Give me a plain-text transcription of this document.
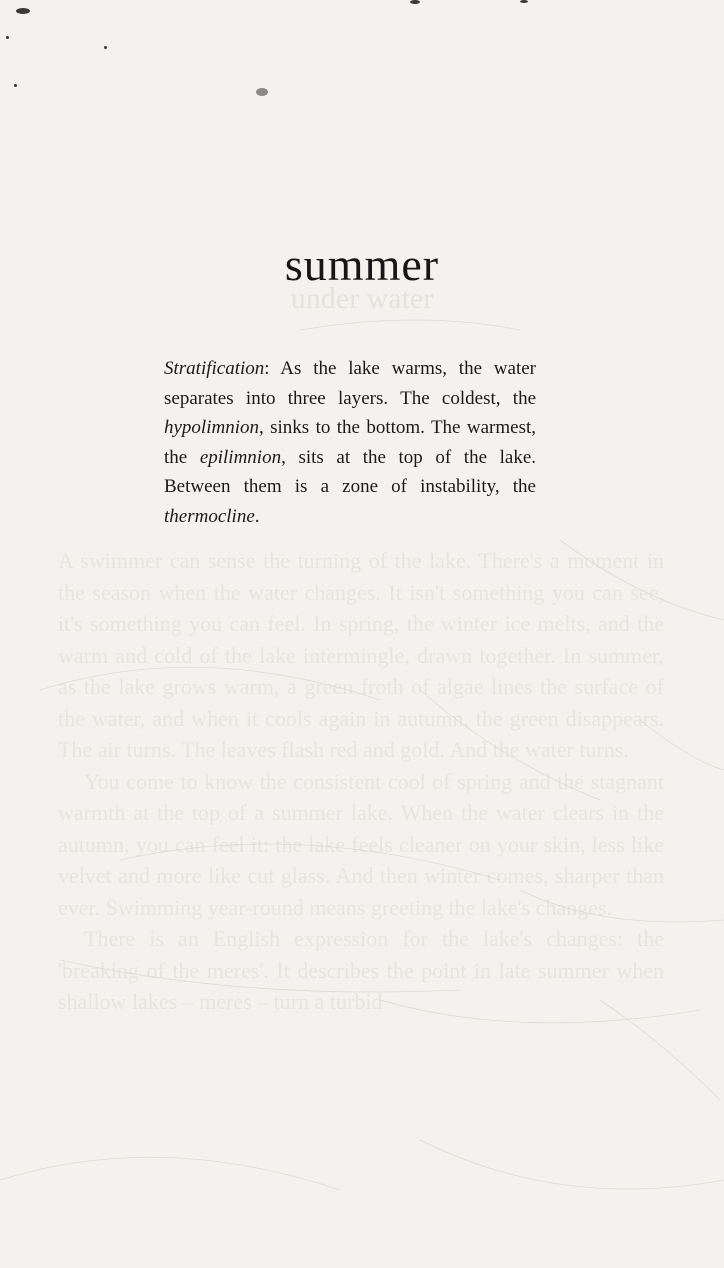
under water

A swimmer can sense the turning of the lake. There's a moment in the season when the water changes. It isn't something you can see, it's something you can feel. In spring, the winter ice melts, and the warm and cold of the lake intermingle, drawn together. In summer, as the lake grows warm, a green froth of algae lines the surface of the water, and when it cools again in autumn, the green disappears. The air turns. The leaves flash red and gold. And the water turns.

You come to know the consistent cool of spring and the stagnant warmth at the top of a summer lake. When the water clears in the autumn, you can feel it: the lake feels cleaner on your skin, less like velvet and more like cut glass. And then winter comes, sharper than ever. Swimming year-round means greeting the lake's changes.

There is an English expression for the lake's changes: the 'breaking of the meres'. It describes the point in late summer when shallow lakes – meres – turn a turbid

summer
Stratification: As the lake warms, the water separates into three layers. The coldest, the hypolimnion, sinks to the bottom. The warmest, the epilimnion, sits at the top of the lake. Between them is a zone of instability, the thermocline.
